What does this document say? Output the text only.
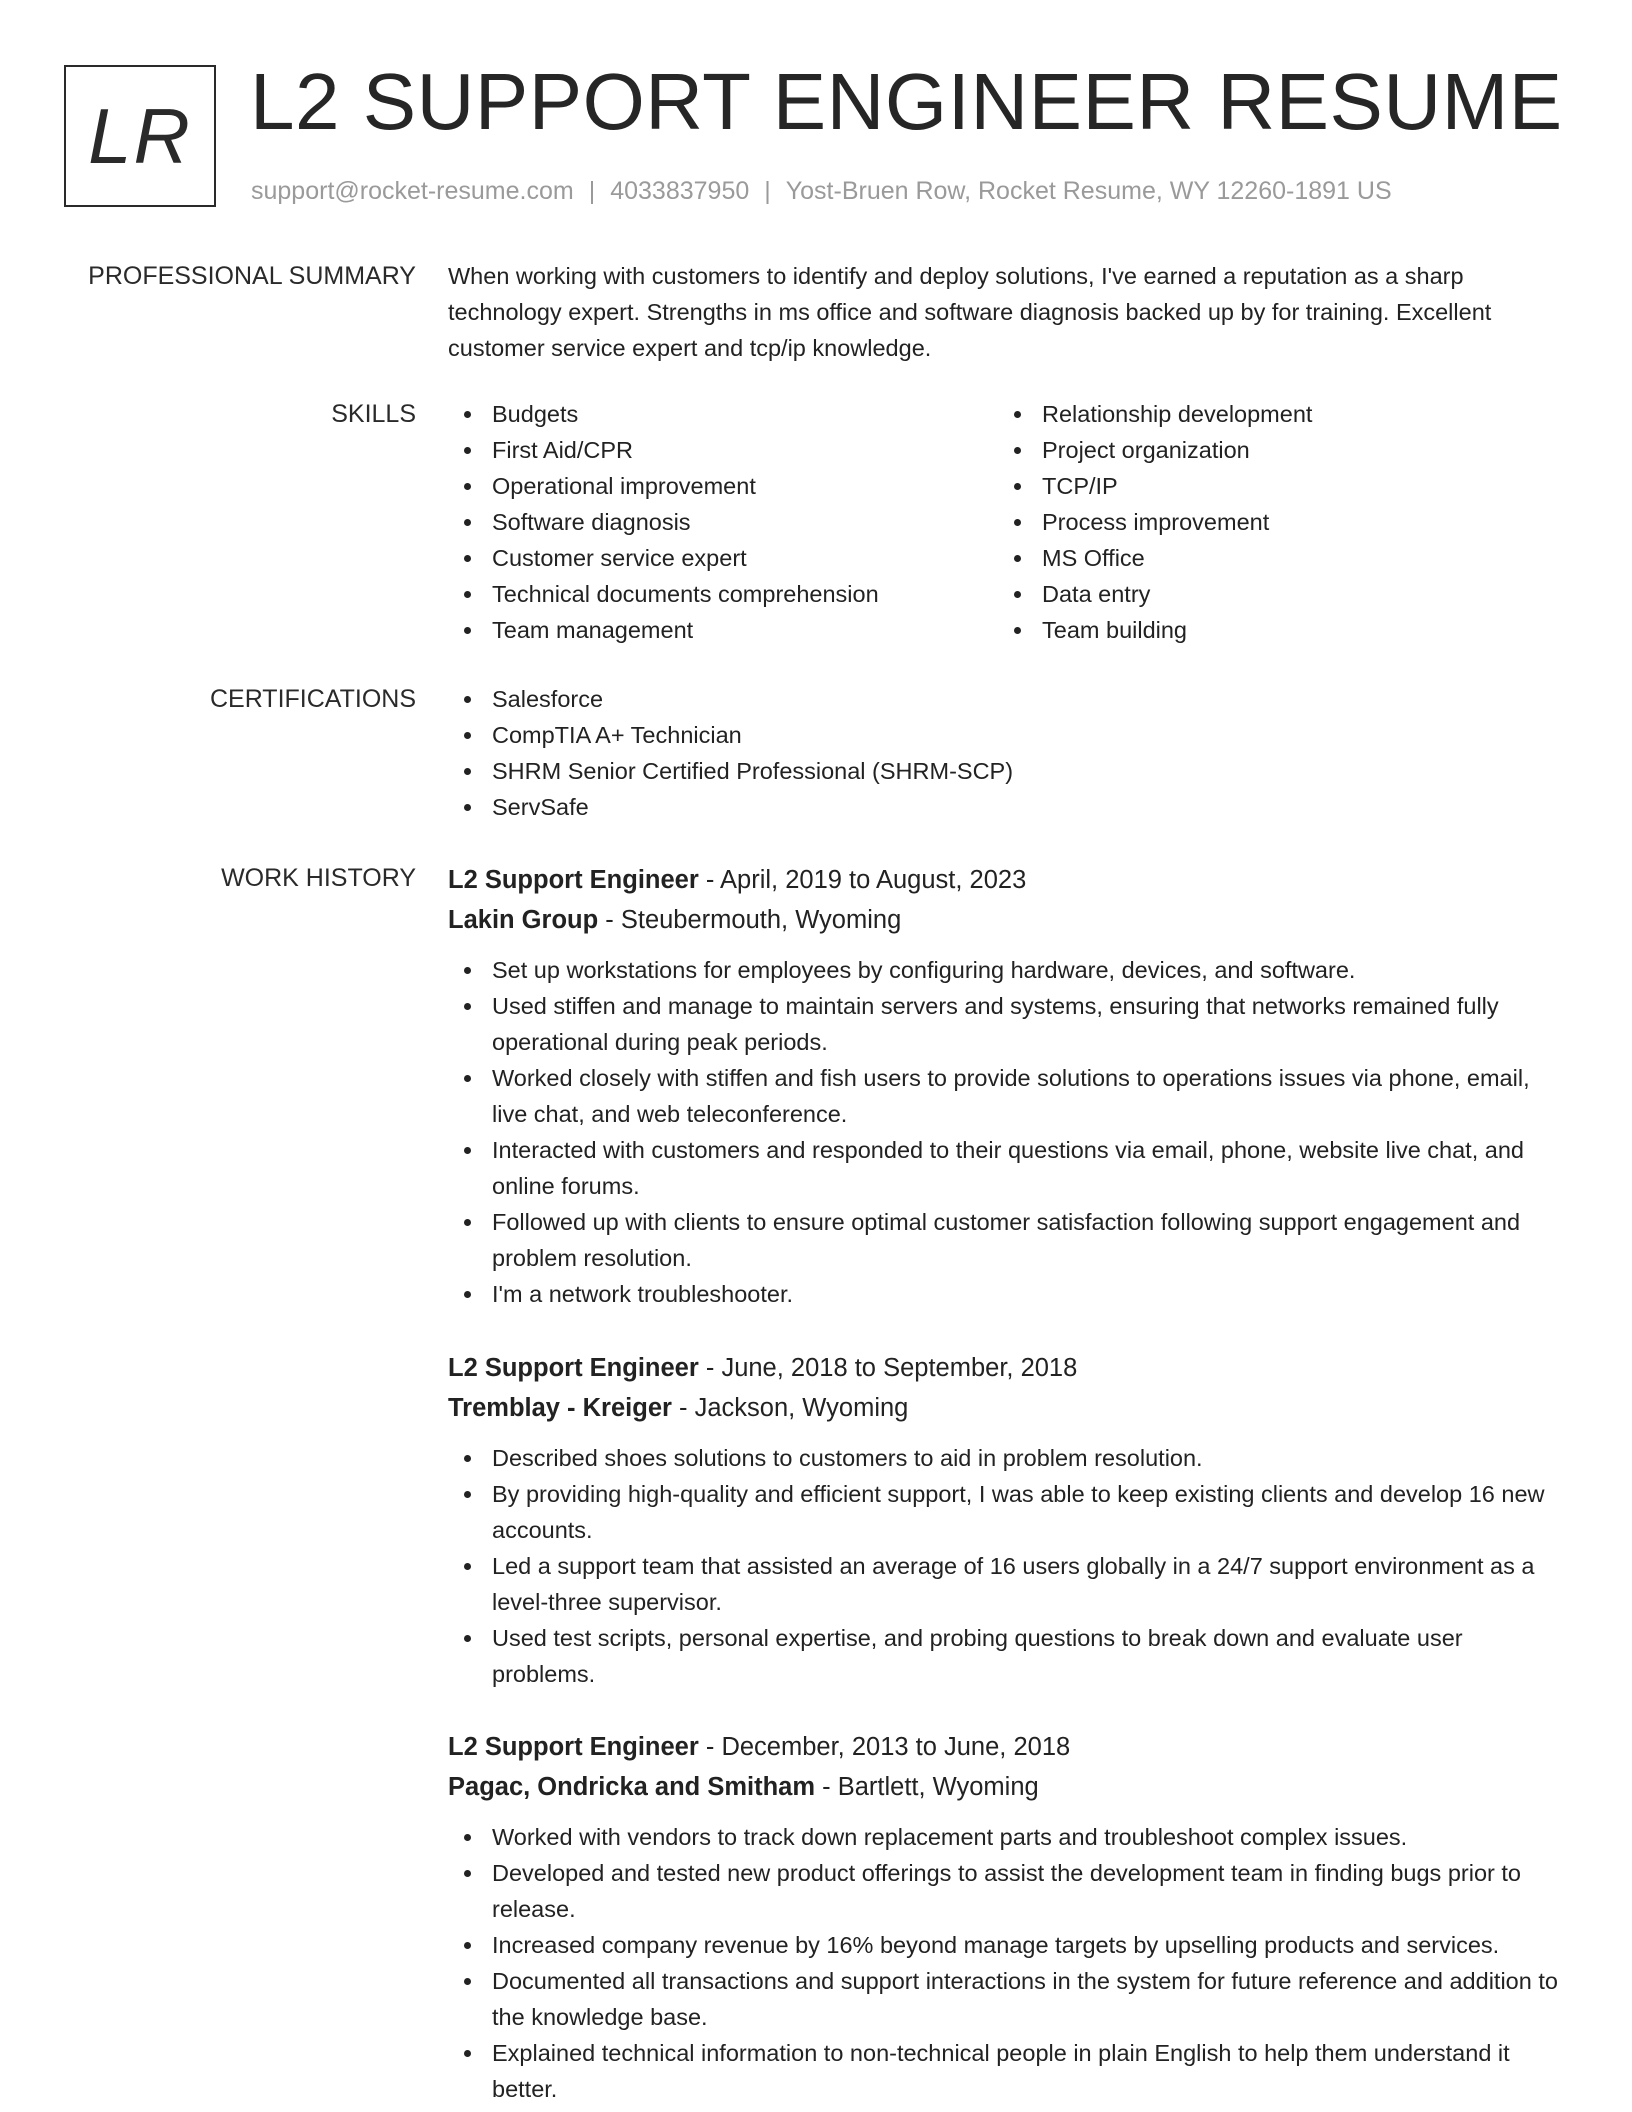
LR L2 SUPPORT ENGINEER RESUME
support@rocket-resume.com | 4033837950 | Yost-Bruen Row, Rocket Resume, WY 12260-1891 US
PROFESSIONAL SUMMARY When working with customers to identify and deploy solutions, I've earned a reputation as a sharp technology expert. Strengths in ms office and software diagnosis backed up by for training. Excellent customer service expert and tcp/ip knowledge.

SKILLS	Budgets
First Aid/CPR
Operational improvement
Software diagnosis
Customer service expert
Technical documents comprehension
Team management
Relationship development
Project organization
TCP/IP
Process improvement
MS Office
Data entry
Team building
CERTIFICATIONS	Salesforce
CompTIA A+ Technician
SHRM Senior Certified Professional (SHRM-SCP)
ServSafe
WORK HISTORY L2 Support Engineer - April, 2019 to August, 2023
Lakin Group - Steubermouth, Wyoming
Set up workstations for employees by configuring hardware, devices, and software.
Used stiffen and manage to maintain servers and systems, ensuring that networks remained fully operational during peak periods.
Worked closely with stiffen and fish users to provide solutions to operations issues via phone, email, live chat, and web teleconference.
Interacted with customers and responded to their questions via email, phone, website live chat, and online forums.
Followed up with clients to ensure optimal customer satisfaction following support engagement and problem resolution.
I'm a network troubleshooter.
L2 Support Engineer - June, 2018 to September, 2018
Tremblay - Kreiger - Jackson, Wyoming
Described shoes solutions to customers to aid in problem resolution.
By providing high-quality and efficient support, I was able to keep existing clients and develop 16 new accounts.
Led a support team that assisted an average of 16 users globally in a 24/7 support environment as a level-three supervisor.
Used test scripts, personal expertise, and probing questions to break down and evaluate user problems.
L2 Support Engineer - December, 2013 to June, 2018
Pagac, Ondricka and Smitham - Bartlett, Wyoming
Worked with vendors to track down replacement parts and troubleshoot complex issues.
Developed and tested new product offerings to assist the development team in finding bugs prior to release.
Increased company revenue by 16% beyond manage targets by upselling products and services.
Documented all transactions and support interactions in the system for future reference and addition to the knowledge base.
Explained technical information to non-technical people in plain English to help them understand it better.
